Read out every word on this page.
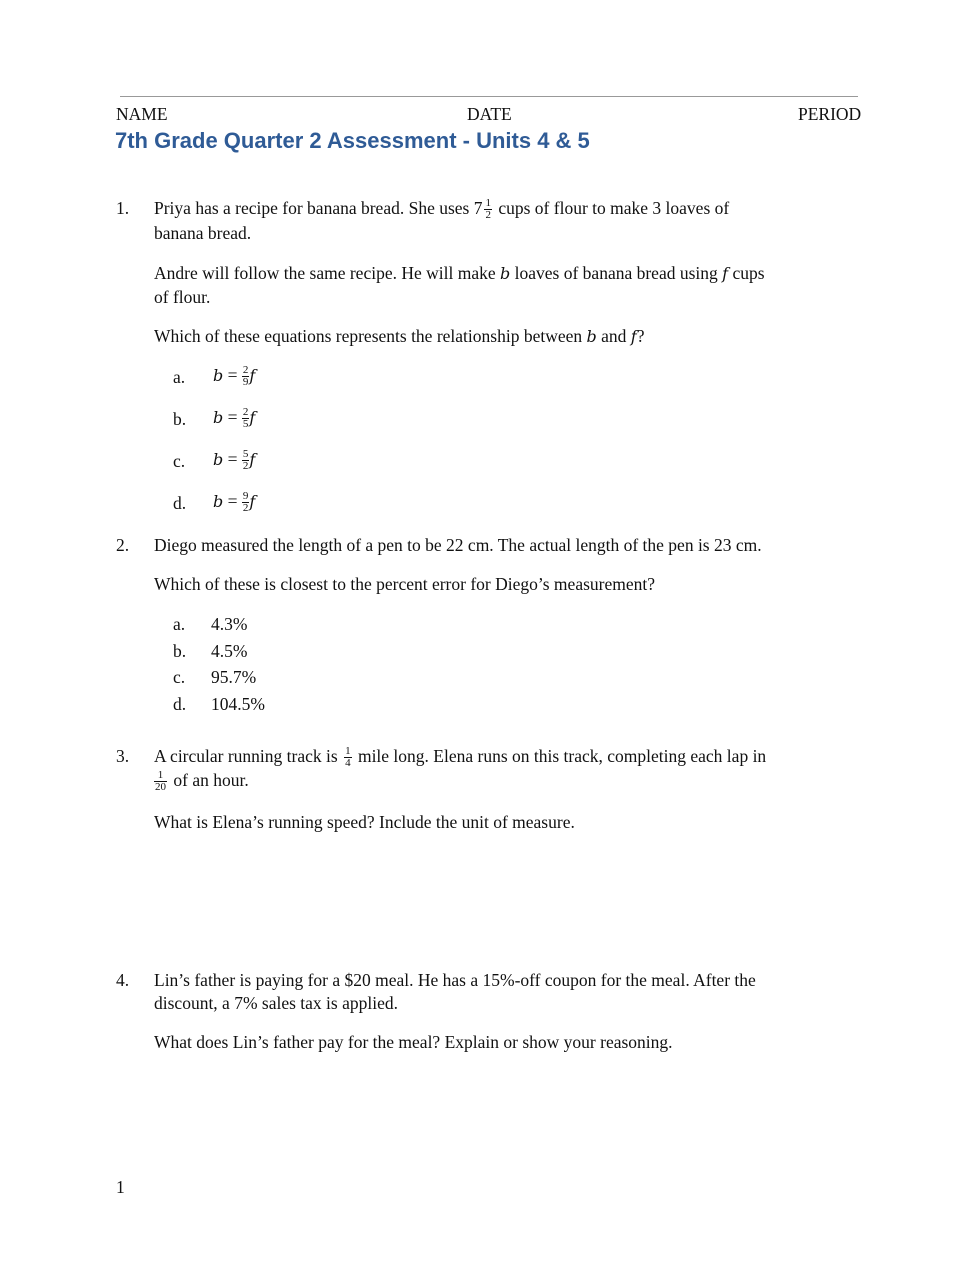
NAME	DATE	PERIOD
7th Grade Quarter 2 Assessment - Units 4 & 5
1. Priya has a recipe for banana bread. She uses $7 \frac{1}{2}$ cups of flour to make 3 loaves of
banana bread.
Andre will follow the same recipe. He will make b loaves of banana bread using f cups
of flour.
Which of these equations represents the relationship between b and f?
a. $b = \frac{2}{9}$ f
b. $b = \frac{2}{5}$ f
c. $b = \frac{5}{2}$ f
d. $b = \frac{9}{2}$ f
2. Diego measured the length of a pen to be 22 cm. The actual length of the pen is 23 cm.
Which of these is closest to the percent error for Diego’s measurement?
a. 4.3%
b. 4.5%
c. 95.7%
d. 104.5%
3. A circular running track is $\frac{1}{4}$ mile long. Elena runs on this track, completing each lap in
$\frac{1}{20}$ of an hour.
What is Elena’s running speed? Include the unit of measure.
4. Lin’s father is paying for a $20 meal. He has a 15%-off coupon for the meal. After the
discount, a 7% sales tax is applied.
What does Lin’s father pay for the meal? Explain or show your reasoning.
1
